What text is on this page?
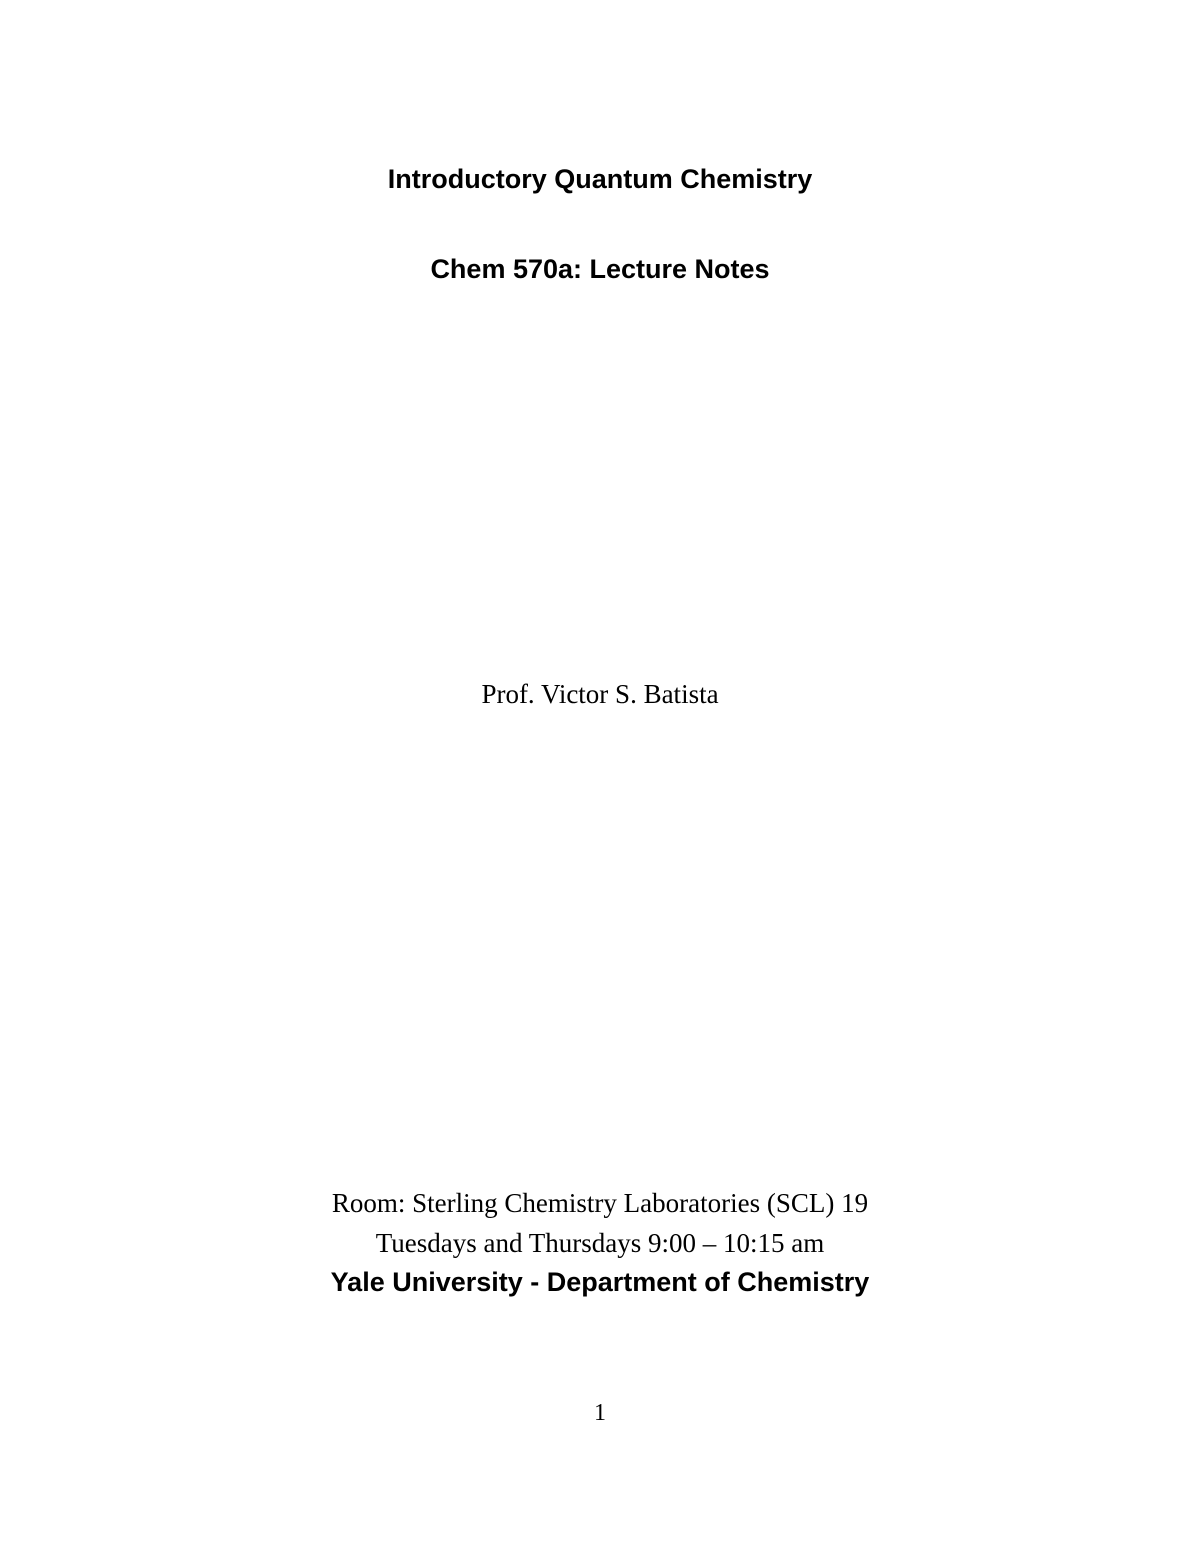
Introductory Quantum Chemistry
Chem 570a: Lecture Notes
Prof. Victor S. Batista
Room: Sterling Chemistry Laboratories (SCL) 19
Tuesdays and Thursdays 9:00 – 10:15 am
Yale University - Department of Chemistry
1
